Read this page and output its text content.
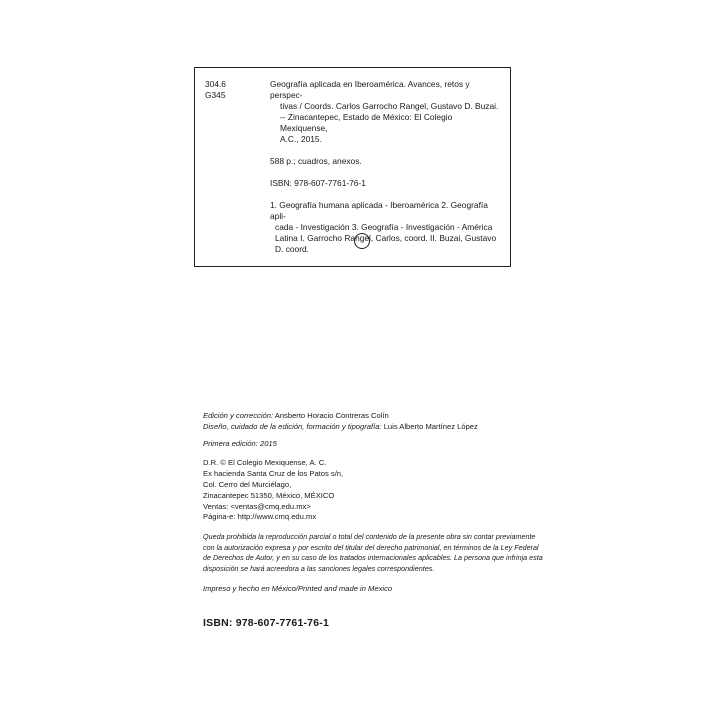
304.6
G345
Geografía aplicada en Iberoamérica. Avances, retos y perspec-
tivas / Coords. Carlos Garrocho Rangel, Gustavo D. Buzai.
-- Zinacantepec, Estado de México: El Colegio Mexiquense,
A.C., 2015.
588 p.; cuadros, anexos.
ISBN: 978-607-7761-76-1
1. Geografía humana aplicada - Iberoamérica 2. Geografía apli-
cada - Investigación 3. Geografía - Investigación - América
Latina I. Garrocho Rangel, Carlos, coord. II. Buzai, Gustavo
D. coord.
Edición y corrección: Ansberto Horacio Contreras Colín
Diseño, cuidado de la edición, formación y tipografía: Luis Alberto Martínez López
Primera edición: 2015
D.R. © El Colegio Mexiquense, A. C.
Ex hacienda Santa Cruz de los Patos s/n,
Col. Cerro del Murciélago,
Zinacantepec 51350, México, MÉXICO
Ventas: <ventas@cmq.edu.mx>
Página-e: http://www.cmq.edu.mx
Queda prohibida la reproducción parcial o total del contenido de la presente obra sin contar previamente
con la autorización expresa y por escrito del titular del derecho patrimonial, en términos de la Ley Federal
de Derechos de Autor, y en su caso de los tratados internacionales aplicables. La persona que infrinja esta
disposición se hará acreedora a las sanciones legales correspondientes.
Impreso y hecho en México/Printed and made in Mexico
ISBN: 978-607-7761-76-1
